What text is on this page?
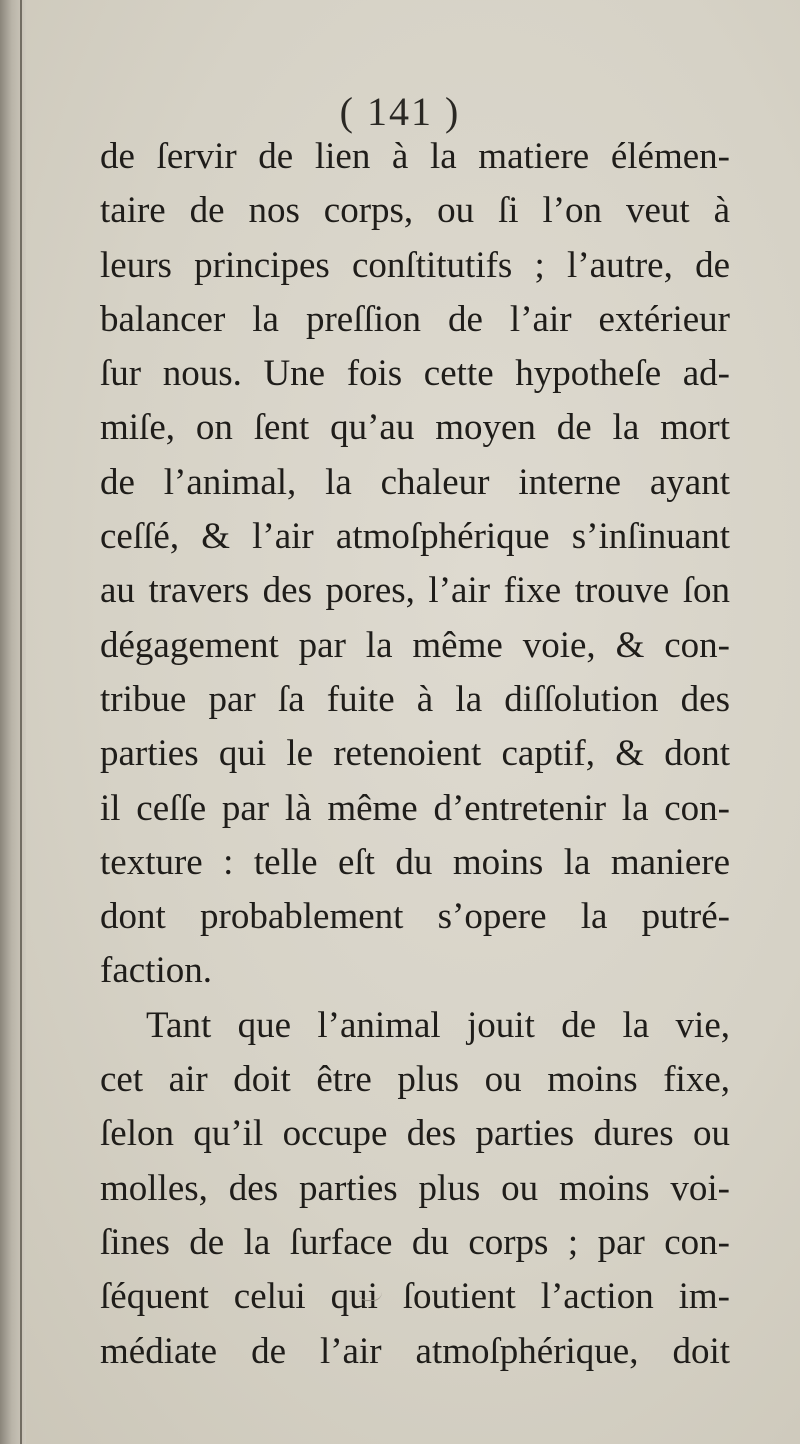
( 141 )
de ſervir de lien à la matiere élémen-
taire de nos corps, ou ſi l’on veut à
leurs principes conſtitutifs ; l’autre, de
balancer la preſſion de l’air extérieur
ſur nous. Une fois cette hypotheſe ad-
miſe, on ſent qu’au moyen de la mort
de l’animal, la chaleur interne ayant
ceſſé, & l’air atmoſphérique s’inſinuant
au travers des pores, l’air fixe trouve ſon
dégagement par la même voie, & con-
tribue par ſa fuite à la diſſolution des
parties qui le retenoient captif, & dont
il ceſſe par là même d’entretenir la con-
texture : telle eſt du moins la maniere
dont probablement s’opere la putré-
faction.
Tant que l’animal jouit de la vie,
cet air doit être plus ou moins fixe,
ſelon qu’il occupe des parties dures ou
molles, des parties plus ou moins voi-
ſines de la ſurface du corps ; par con-
ſéquent celui qui ſoutient l’action im-
médiate de l’air atmoſphérique, doit
